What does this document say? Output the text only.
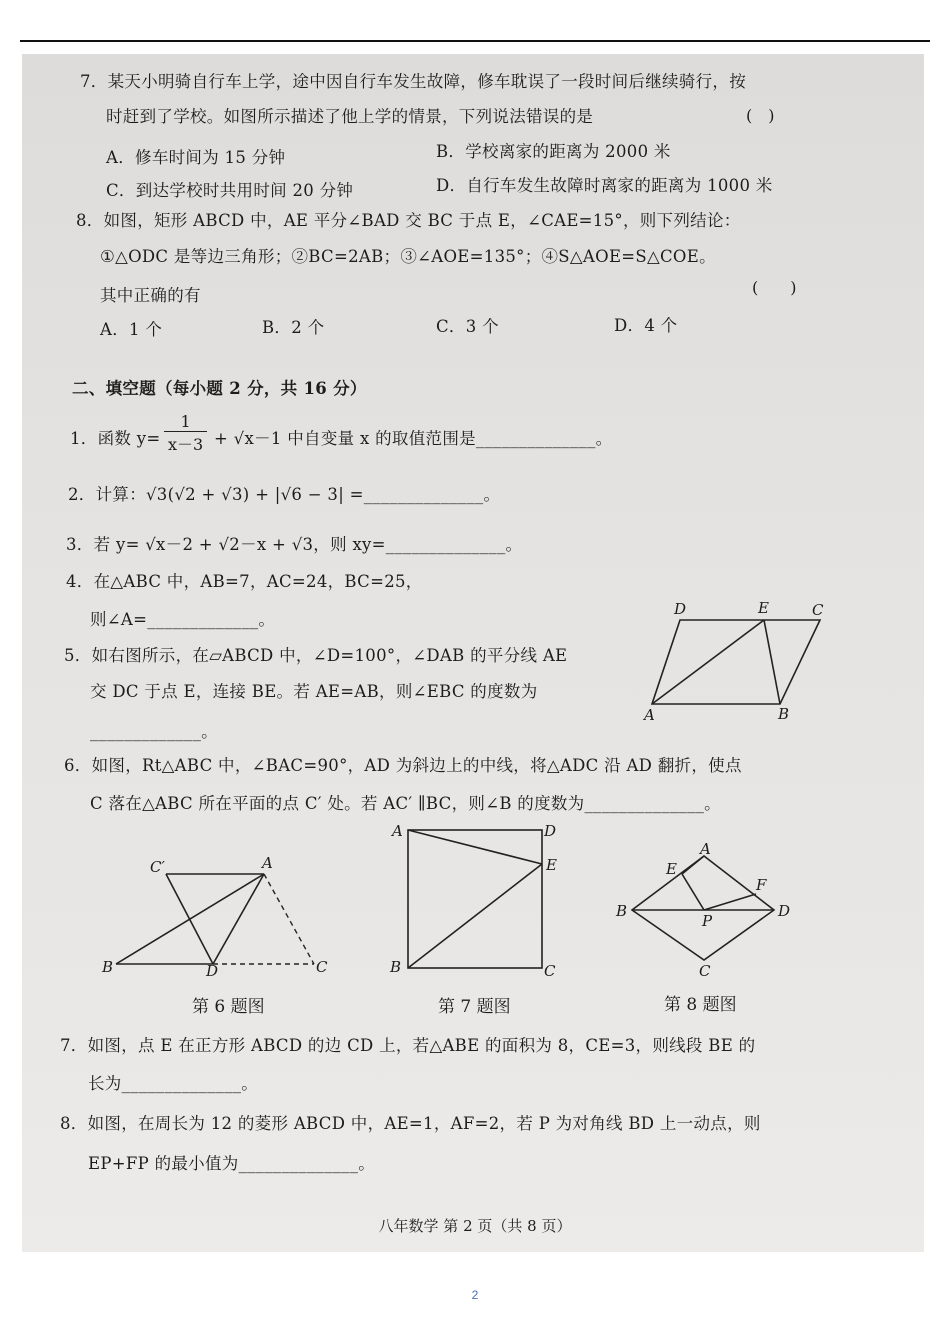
7．某天小明骑自行车上学，途中因自行车发生故障，修车耽误了一段时间后继续骑行，按
时赶到了学校。如图所示描述了他上学的情景，下列说法错误的是	(　)
A．修车时间为 15 分钟	B．学校离家的距离为 2000 米
C．到达学校时共用时间 20 分钟	D．自行车发生故障时离家的距离为 1000 米
8．如图，矩形 ABCD 中，AE 平分∠BAD 交 BC 于点 E，∠CAE=15°，则下列结论：
①△ODC 是等边三角形；②BC=2AB；③∠AOE=135°；④S△AOE=S△COE。
其中正确的有	(　　)
A．1 个	B．2 个	C．3 个	D．4 个
二、填空题（每小题 2 分，共 16 分）
1．函数 $y= \frac{1}{x-3} + √x-1$ 中自变量 x 的取值范围是______________。
2．计算：√3(√2 + √3) + |√6 − 3| =______________。
3．若 y= √x－2 + √2－x + √3，则 xy=______________。
4．在△ABC 中，AB=7，AC=24，BC=25，
则∠A=_____________。
5．如右图所示，在▱ABCD 中，∠D=100°，∠DAB 的平分线 AE
交 DC 于点 E，连接 BE。若 AE=AB，则∠EBC 的度数为
_____________。
D	E	C
A	B
6．如图，Rt△ABC 中，∠BAC=90°，AD 为斜边上的中线，将△ADC 沿 AD 翻折，使点
C 落在△ABC 所在平面的点 C′ 处。若 AC′ ∥BC，则∠B 的度数为______________。
C′	A
B	D	C
第 6 题图
A	D
E
B	C
第 7 题图
A
E
F
B
P
D
C
第 8 题图
7．如图，点 E 在正方形 ABCD 的边 CD 上，若△ABE 的面积为 8，CE=3，则线段 BE 的
长为______________。
8．如图，在周长为 12 的菱形 ABCD 中，AE=1，AF=2，若 P 为对角线 BD 上一动点，则
EP+FP 的最小值为______________。
八年数学 第 2 页（共 8 页）
2
